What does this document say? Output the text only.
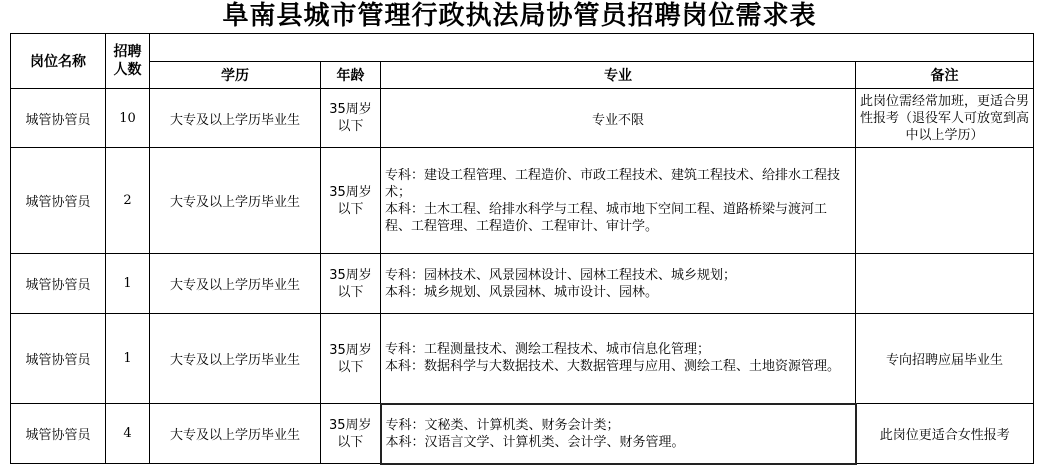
阜南县城市管理行政执法局协管员招聘岗位需求表
岗位名称	招聘人数				
		学历	年龄	专业	备注
城管协管员	10	大专及以上学历毕业生	35周岁以下	专业不限	此岗位需经常加班，更适合男性报考（退役军人可放宽到高中以上学历）
城管协管员	2	大专及以上学历毕业生	35周岁以下	专科：建设工程管理、工程造价、市政工程技术、建筑工程技术、给排水工程技术；
本科：土木工程、给排水科学与工程、城市地下空间工程、道路桥梁与渡河工程、工程管理、工程造价、工程审计、审计学。	

城管协管员	1	大专及以上学历毕业生	35周岁以下	专科：园林技术、风景园林设计、园林工程技术、城乡规划；
本科：城乡规划、风景园林、城市设计、园林。	

城管协管员	1	大专及以上学历毕业生	35周岁以下	专科：工程测量技术、测绘工程技术、城市信息化管理；
本科：数据科学与大数据技术、大数据管理与应用、测绘工程、土地资源管理。	专向招聘应届毕业生
城管协管员	4	大专及以上学历毕业生	35周岁以下	专科：文秘类、计算机类、财务会计类；
本科：汉语言文学、计算机类、会计学、财务管理。	此岗位更适合女性报考
